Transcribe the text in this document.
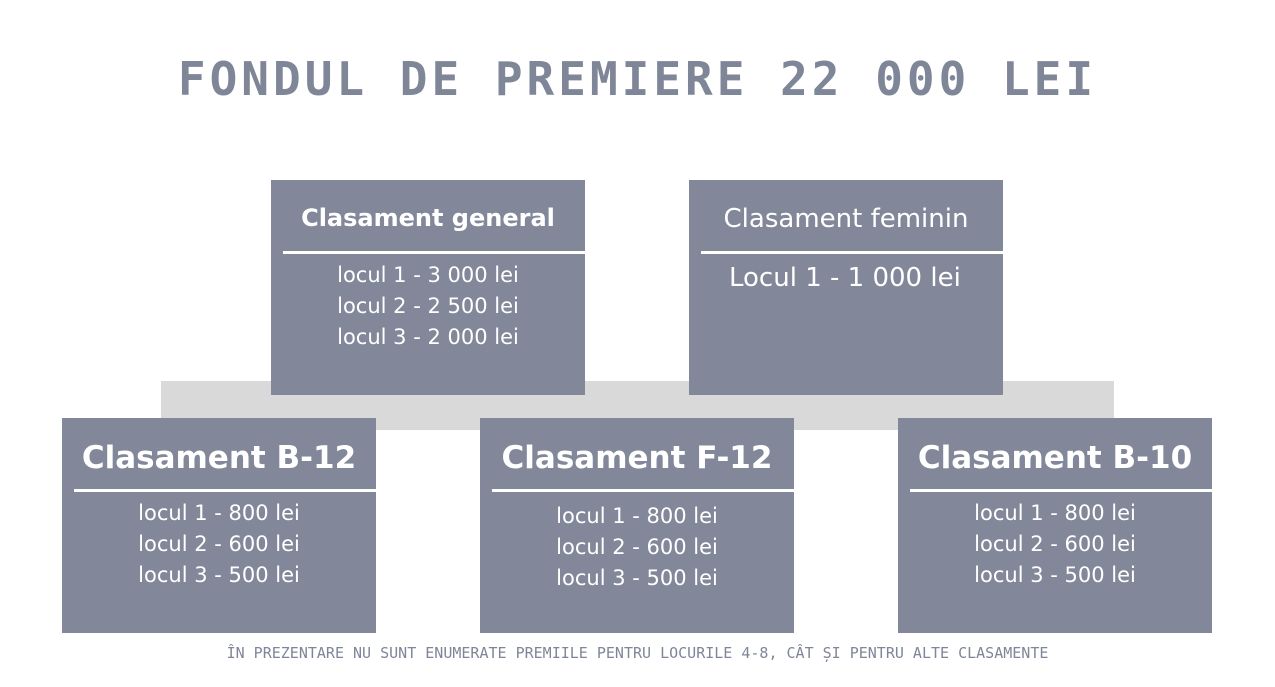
FONDUL DE PREMIERE 22 000 LEI
Clasament general
locul 1 - 3 000 lei
locul 2 - 2 500 lei
locul 3 - 2 000 lei
Clasament feminin
Locul 1 - 1 000 lei
Clasament B-12
locul 1 - 800 lei
locul 2 - 600 lei
locul 3 - 500 lei
Clasament F-12
locul 1 - 800 lei
locul 2 - 600 lei
locul 3 - 500 lei
Clasament B-10
locul 1 - 800 lei
locul 2 - 600 lei
locul 3 - 500 lei
ÎN PREZENTARE NU SUNT ENUMERATE PREMIILE PENTRU LOCURILE 4-8, CÂT ȘI PENTRU ALTE CLASAMENTE
